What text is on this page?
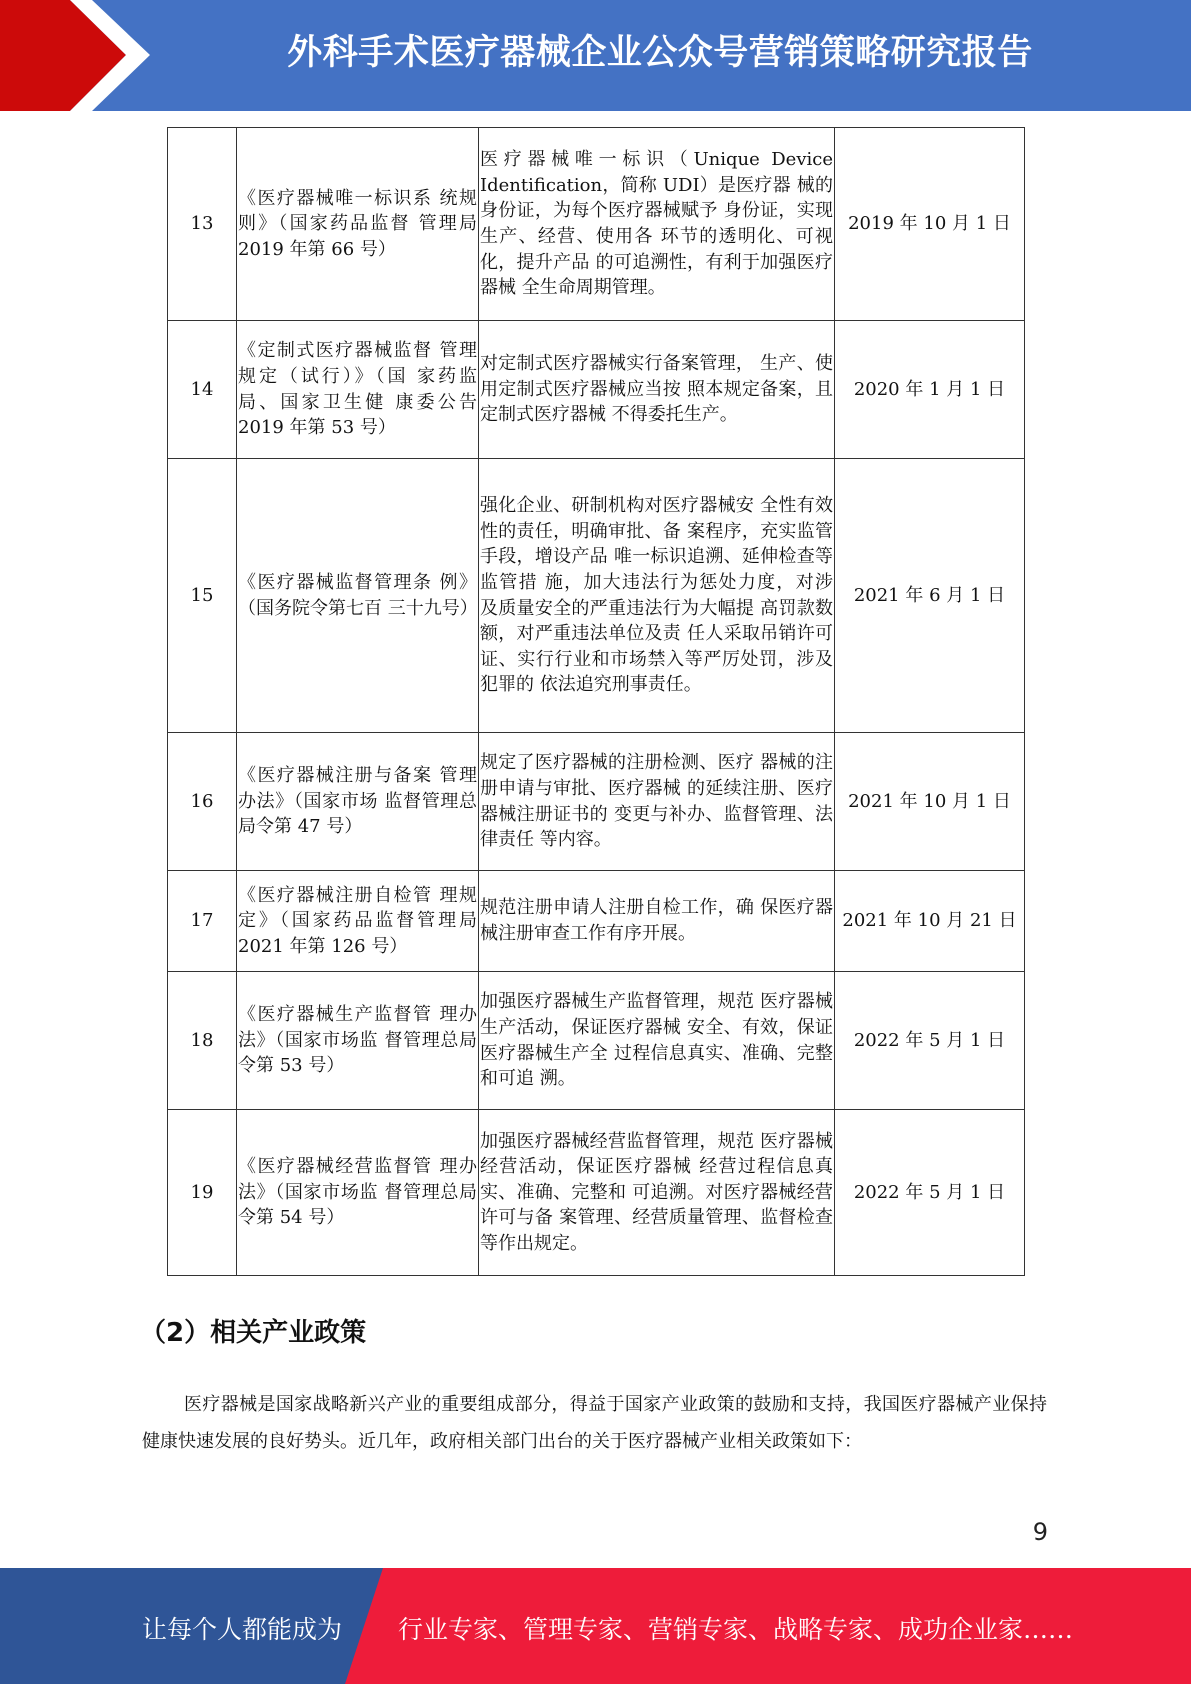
外科手术医疗器械企业公众号营销策略研究报告
13	《医疗器械唯一标识系 统规则》（国家药品监督 管理局 2019 年第 66 号）	医疗器械唯一标识（Unique Device Identification，简称 UDI）是医疗器 械的身份证，为每个医疗器械赋予 身份证，实现生产、经营、使用各 环节的透明化、可视化，提升产品 的可追溯性，有利于加强医疗器械 全生命周期管理。	2019 年 10 月 1 日
14	《定制式医疗器械监督 管理规定（试行）》（国 家药监局、国家卫生健 康委公告 2019 年第 53 号）	对定制式医疗器械实行备案管理， 生产、使用定制式医疗器械应当按 照本规定备案，且定制式医疗器械 不得委托生产。	2020 年 1 月 1 日
15	《医疗器械监督管理条 例》（国务院令第七百 三十九号）	强化企业、研制机构对医疗器械安 全性有效性的责任，明确审批、备 案程序，充实监管手段，增设产品 唯一标识追溯、延伸检查等监管措 施，加大违法行为惩处力度，对涉 及质量安全的严重违法行为大幅提 高罚款数额，对严重违法单位及责 任人采取吊销许可证、实行行业和市场禁入等严厉处罚，涉及犯罪的 依法追究刑事责任。	2021 年 6 月 1 日
16	《医疗器械注册与备案 管理办法》（国家市场 监督管理总局令第 47 号）	规定了医疗器械的注册检测、医疗 器械的注册申请与审批、医疗器械 的延续注册、医疗器械注册证书的 变更与补办、监督管理、法律责任 等内容。	2021 年 10 月 1 日
17	《医疗器械注册自检管 理规定》（国家药品监督管理局 2021 年第 126 号）	规范注册申请人注册自检工作，确 保医疗器械注册审查工作有序开展。	2021 年 10 月 21 日
18	《医疗器械生产监督管 理办法》（国家市场监 督管理总局令第 53 号）	加强医疗器械生产监督管理，规范 医疗器械生产活动，保证医疗器械 安全、有效，保证医疗器械生产全 过程信息真实、准确、完整和可追 溯。	2022 年 5 月 1 日
19	《医疗器械经营监督管 理办法》（国家市场监 督管理总局令第 54 号）	加强医疗器械经营监督管理，规范 医疗器械经营活动，保证医疗器械 经营过程信息真实、准确、完整和 可追溯。对医疗器械经营许可与备 案管理、经营质量管理、监督检查 等作出规定。	2022 年 5 月 1 日
（2）相关产业政策
医疗器械是国家战略新兴产业的重要组成部分，得益于国家产业政策的鼓励和支持，我国医疗器械产业保持健康快速发展的良好势头。近几年，政府相关部门出台的关于医疗器械产业相关政策如下：
9
让每个人都能成为 行业专家、管理专家、营销专家、战略专家、成功企业家……
